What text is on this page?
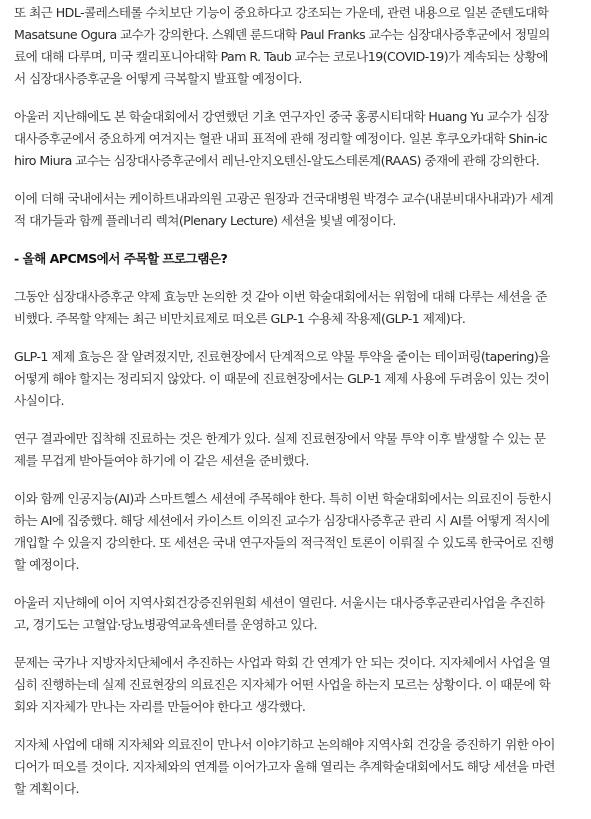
또 최근 HDL-콜레스테롤 수치보단 기능이 중요하다고 강조되는 가운데, 관련 내용으로 일본 준텐도대학
Masatsune Ogura 교수가 강의한다. 스웨덴 룬드대학 Paul Franks 교수는 심장대사증후군에서 정밀의
료에 대해 다루며, 미국 캘리포니아대학 Pam R. Taub 교수는 코로나19(COVID-19)가 계속되는 상황에
서 심장대사증후군을 어떻게 극복할지 발표할 예정이다.
아울러 지난해에도 본 학술대회에서 강연했던 기초 연구자인 중국 홍콩시티대학 Huang Yu 교수가 심장
대사증후군에서 중요하게 여겨지는 혈관 내피 표적에 관해 정리할 예정이다. 일본 후쿠오카대학 Shin-ic
hiro Miura 교수는 심장대사증후군에서 레닌-안지오텐신-알도스테론계(RAAS) 중재에 관해 강의한다.
이에 더해 국내에서는 케이하트내과의원 고광곤 원장과 건국대병원 박경수 교수(내분비대사내과)가 세계
적 대가들과 함께 플레너리 렉쳐(Plenary Lecture) 세션을 빛낼 예정이다.
- 올해 APCMS에서 주목할 프로그램은?
그동안 심장대사증후군 약제 효능만 논의한 것 같아 이번 학술대회에서는 위험에 대해 다루는 세션을 준
비했다. 주목할 약제는 최근 비만치료제로 떠오른 GLP-1 수용체 작용제(GLP-1 제제)다.
GLP-1 제제 효능은 잘 알려졌지만, 진료현장에서 단계적으로 약물 투약을 줄이는 테이퍼링(tapering)을
어떻게 해야 할지는 정리되지 않았다. 이 때문에 진료현장에서는 GLP-1 제제 사용에 두려움이 있는 것이
사실이다.
연구 결과에만 집착해 진료하는 것은 한계가 있다. 실제 진료현장에서 약물 투약 이후 발생할 수 있는 문
제를 무겁게 받아들여야 하기에 이 같은 세션을 준비했다.
이와 함께 인공지능(AI)과 스마트헬스 세션에 주목해야 한다. 특히 이번 학술대회에서는 의료진이 등한시
하는 AI에 집중했다. 해당 세션에서 카이스트 이의진 교수가 심장대사증후군 관리 시 AI를 어떻게 적시에
개입할 수 있을지 강의한다. 또 세션은 국내 연구자들의 적극적인 토론이 이뤄질 수 있도록 한국어로 진행
할 예정이다.
아울러 지난해에 이어 지역사회건강증진위원회 세션이 열린다. 서울시는 대사증후군관리사업을 추진하
고, 경기도는 고혈압·당뇨병광역교육센터를 운영하고 있다.
문제는 국가나 지방자치단체에서 추진하는 사업과 학회 간 연계가 안 되는 것이다. 지자체에서 사업을 열
심히 진행하는데 실제 진료현장의 의료진은 지자체가 어떤 사업을 하는지 모르는 상황이다. 이 때문에 학
회와 지자체가 만나는 자리를 만들어야 한다고 생각했다.
지자체 사업에 대해 지자체와 의료진이 만나서 이야기하고 논의해야 지역사회 건강을 증진하기 위한 아이
디어가 떠오를 것이다. 지자체와의 연계를 이어가고자 올해 열리는 추계학술대회에서도 해당 세션을 마련
할 계획이다.
